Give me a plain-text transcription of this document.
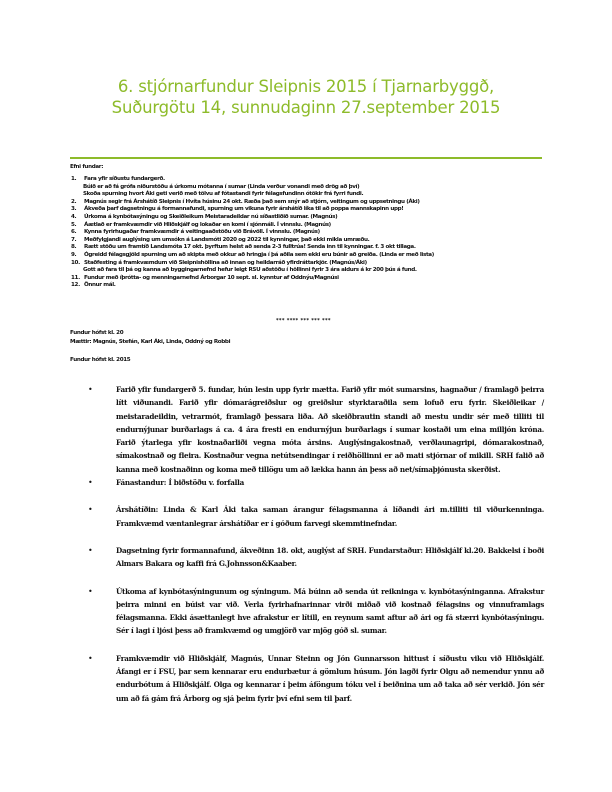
6. stjórnarfundur Sleipnis 2015 í Tjarnarbyggð,
Suðurgötu 14, sunnudaginn 27.september 2015
Efni fundar:
1.	Fara yfir síðustu fundargerð.
Búið er að fá grófa niðurstöðu á úrkomu mótanna í sumar (Linda verður vonandi með drög að því)
Skoða spurning hvort Áki geti verið með tölvu af fótastandi fyrir félagsfundinn ótökir frá fyrri fundi.
2.	Magnús segir frá Árshátíð Sleipnis í Hvíta húsinu 24 okt. Ræða það sem snýr að stjórn, veitingum og uppsetningu (Áki)
3.	Ákveða þarf dagsetningu á formannafundi, spurning um vikuna fyrir árshátíð líka til að poppa mannskapinn upp!
4.	Úrkoma á kynbótasýningu og Skeiðleikum Meistaradeildar nú síðastliðið sumar. (Magnús)
5.	Áætlað er framkvæmdir við Hliðskjálf og lokaðar en komi í sjónmáli. Í vinnslu. (Magnús)
6.	Kynna fyrirhugaðar framkvæmdir á veitingaaðstöðu við Brávöll. Í vinnslu. (Magnús)
7.	Meðfylgjandi auglýsing um umsókn á Landsmóti 2020 og 2022 til kynningar, það ekki mikla umræðu.
8.	Rætt stöðu um framtíð Landsmóta 17 okt. þyrftum helst að senda 2-3 fulltrúa! Senda inn til kynningar. f. 3 okt tillaga.
9.	Ógreidd félagsgjöld spurning um að skipta með okkur að hringja í þá aðila sem ekki eru búnir að greiða. (Linda er með lista)
10. Staðfesting á framkvæmdum við Sleipnishöllina að innan og heildarráð yfirdráttarkjör. (Magnús/Áki)
Gott að fara til þá og kanna að byggingarnefnd hefur leigt RSU aðstöðu í höllinni fyrir 3 ára aldurs á kr 200 þús á fund.
11. Fundur með íþrótta- og menningarnefnd Árborgar 10 sept. sl. kynntur af Oddnýu/Magnúsi
12. Önnur mál.
*** **** *** *** ***
Fundur hófst kl. 20
Mættir: Magnús, Stefán, Karl Áki, Linda, Oddný og Robbi
Fundur hófst kl. 2015
•	Farið yfir fundargerð 5. fundar, hún lesin upp fyrir mætta. Farið yfir mót sumarsins, hagnaður / framlagð þeirra lítt viðunandi. Farið yfir dómarágreiðslur og greiðslur styrktaraðila sem lofuð eru fyrir. Skeiðleikar / meistaradeildin, vetrarmót, framlagð þessara liða. Að skeiðbrautin standi að mestu undir sér með tilliti til endurnýjunar burðarlags á ca. 4 ára fresti en endurnýjun burðarlags í sumar kostaði um eina milljón króna. Farið ýtarlega yfir kostnaðarliði vegna móta ársins. Auglýsingakostnað, verðlaunagripi, dómarakostnað, símakostnað og fleira. Kostnaður vegna netútsendingar í reiðhöllinni er að mati stjórnar of mikill. SRH falið að kanna með kostnaðinn og koma með tillögu um að lækka hann án þess að net/símaþjónusta skerðist.
•	Fánastandur: Í biðstöðu v. forfalla
•	Árshátíðin: Linda & Karl Áki taka saman árangur félagsmanna á líðandi ári m.tilliti til viðurkenninga. Framkvæmd væntanlegrar árshátíðar er í góðum farvegi skemmtinefndar.
•	Dagsetning fyrir formannafund, ákveðinn 18. okt, auglýst af SRH. Fundarstaður: Hliðskjálf kl.20. Bakkelsi í boði Almars Bakara og kaffi frá G.Johnsson&Kaaber.
•	Útkoma af kynbótasýningunum og sýningum. Má búinn að senda út reikninga v. kynbótasýninganna. Afrakstur þeirra minni en búist var við. Verla fyrirhafnarinnar virði miðað við kostnað félagsins og vinnuframlags félagsmanna. Ekki ásættanlegt hve afrakstur er lítill, en reynum samt aftur að ári og fá stærri kynbótasýningu. Sér í lagi í ljósi þess að framkvæmd og umgjörð var mjög góð sl. sumar.
•	Framkvæmdir við Hliðskjálf, Magnús, Unnar Steinn og Jón Gunnarsson hittust í síðustu viku við Hliðskjálf. Áfangi er í FSU, þar sem kennarar eru endurbætur á gömlum húsum. Jón lagði fyrir Olgu að nemendur ynnu að endurbótum á Hliðskjálf. Olga og kennarar í þeim áföngum tóku vel í beiðnina um að taka að sér verkið. Jón sér um að fá gám frá Árborg og sjá þeim fyrir því efni sem til þarf.
